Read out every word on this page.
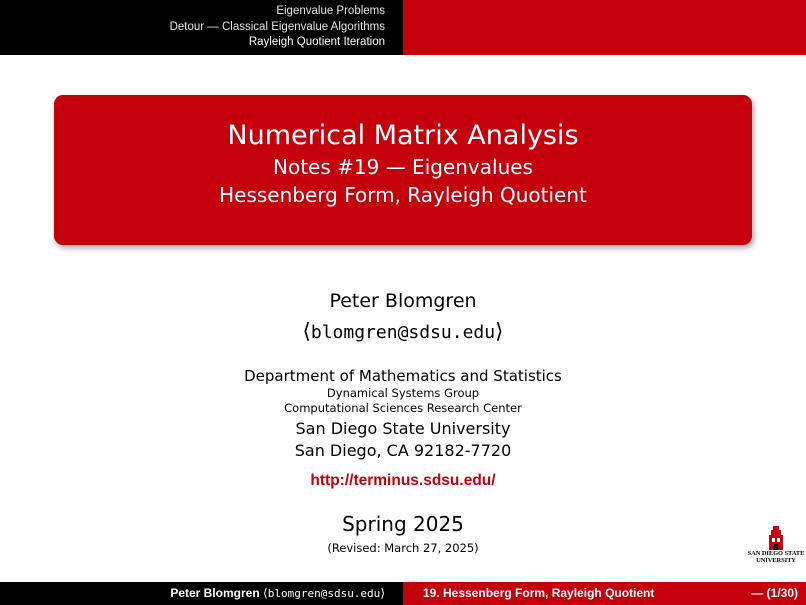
Eigenvalue Problems
Detour — Classical Eigenvalue Algorithms
Rayleigh Quotient Iteration
Numerical Matrix Analysis
Notes #19 — Eigenvalues
Hessenberg Form, Rayleigh Quotient
Peter Blomgren
⟨blomgren@sdsu.edu⟩
Department of Mathematics and Statistics
Dynamical Systems Group
Computational Sciences Research Center
San Diego State University
San Diego, CA 92182-7720
http://terminus.sdsu.edu/
Spring 2025
(Revised: March 27, 2025)	SAN DIEGO STATE
UNIVERSITY
Peter Blomgren ⟨blomgren@sdsu.edu⟩	19. Hessenberg Form, Rayleigh Quotient	— (1/30)
